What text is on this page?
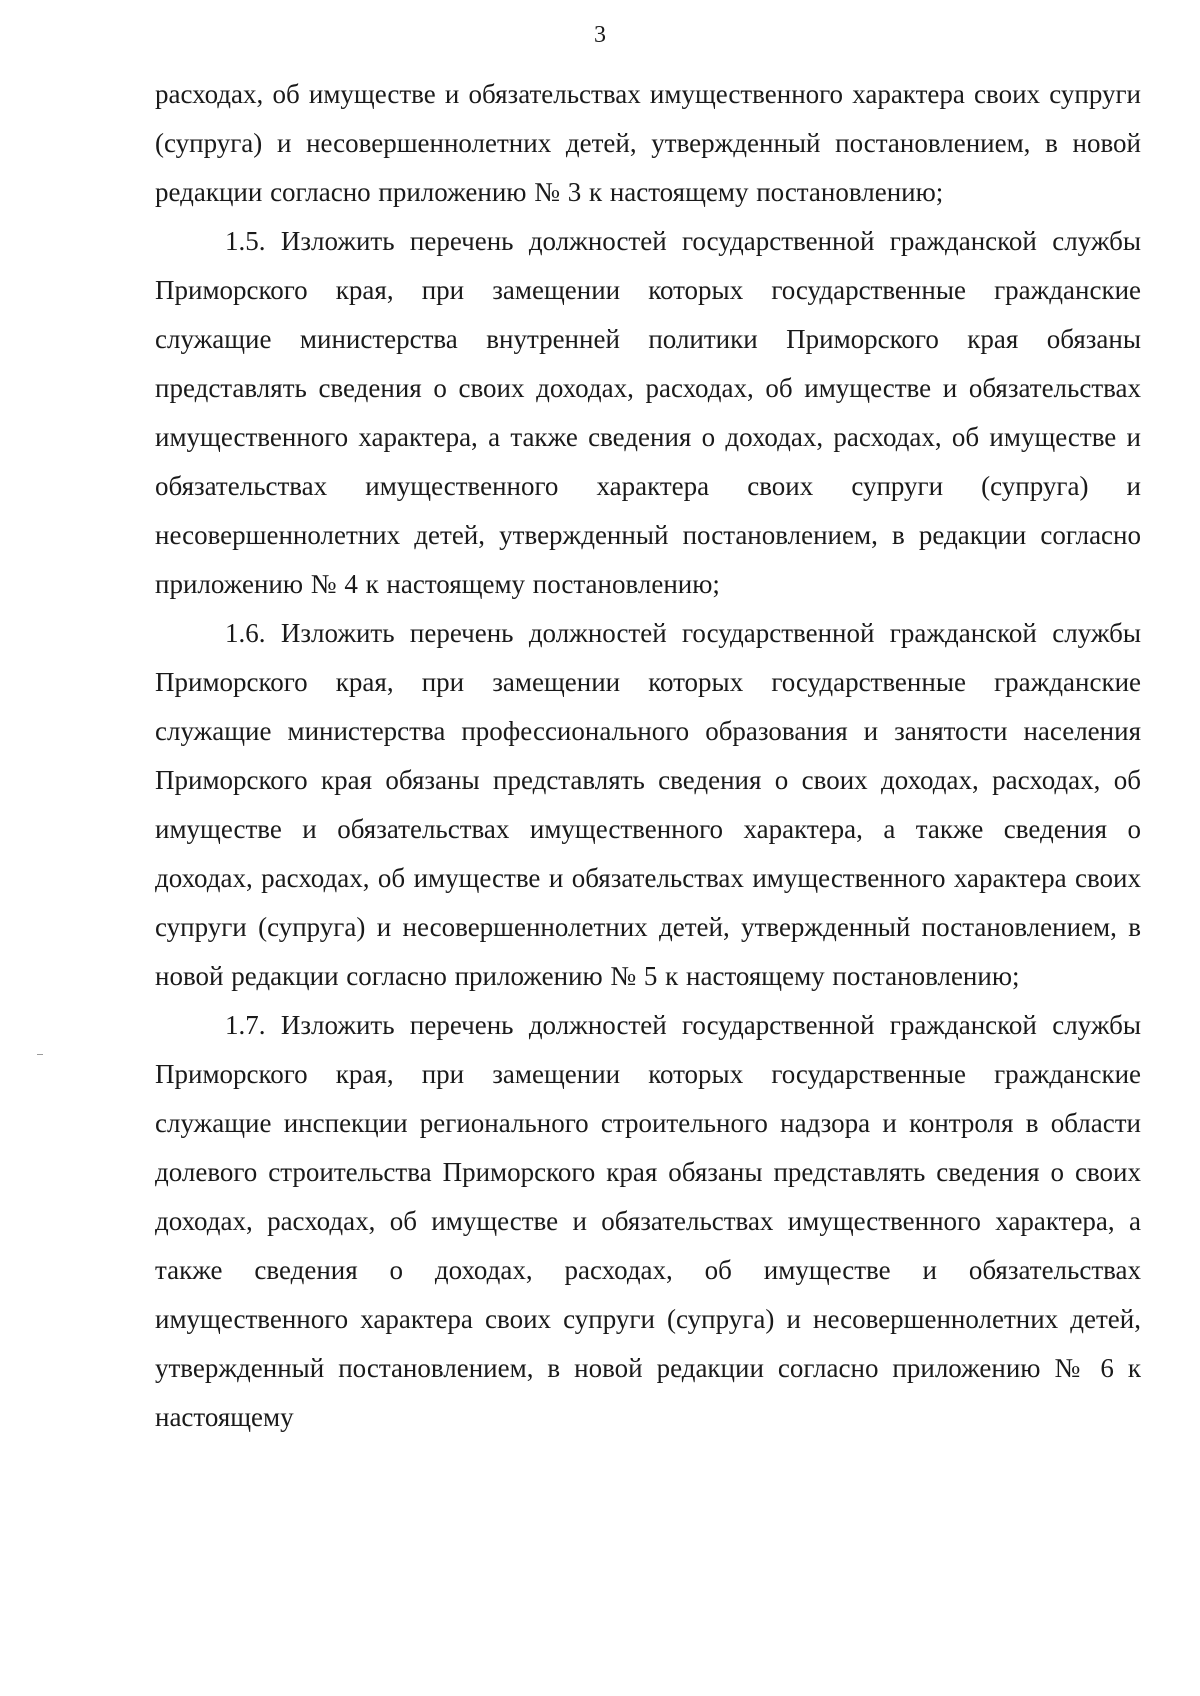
3

расходах, об имуществе и обязательствах имущественного характера своих супруги (супруга) и несовершеннолетних детей, утвержденный постановлением, в новой редакции согласно приложению № 3 к настоящему постановлению;

1.5. Изложить перечень должностей государственной гражданской службы Приморского края, при замещении которых государственные гражданские служащие министерства внутренней политики Приморского края обязаны представлять сведения о своих доходах, расходах, об имуществе и обязательствах имущественного характера, а также сведения о доходах, расходах, об имуществе и обязательствах имущественного характера своих супруги (супруга) и несовершеннолетних детей, утвержденный постановлением, в редакции согласно приложению № 4 к настоящему постановлению;

1.6. Изложить перечень должностей государственной гражданской службы Приморского края, при замещении которых государственные гражданские служащие министерства профессионального образования и занятости населения Приморского края обязаны представлять сведения о своих доходах, расходах, об имуществе и обязательствах имущественного характера, а также сведения о доходах, расходах, об имуществе и обязательствах имущественного характера своих супруги (супруга) и несовершеннолетних детей, утвержденный постановлением, в новой редакции согласно приложению № 5 к настоящему постановлению;

1.7. Изложить перечень должностей государственной гражданской службы Приморского края, при замещении которых государственные гражданские служащие инспекции регионального строительного надзора и контроля в области долевого строительства Приморского края обязаны представлять сведения о своих доходах, расходах, об имуществе и обязательствах имущественного характера, а также сведения о доходах, расходах, об имуществе и обязательствах имущественного характера своих супруги (супруга) и несовершеннолетних детей, утвержденный постановлением, в новой редакции согласно приложению № 6 к настоящему
